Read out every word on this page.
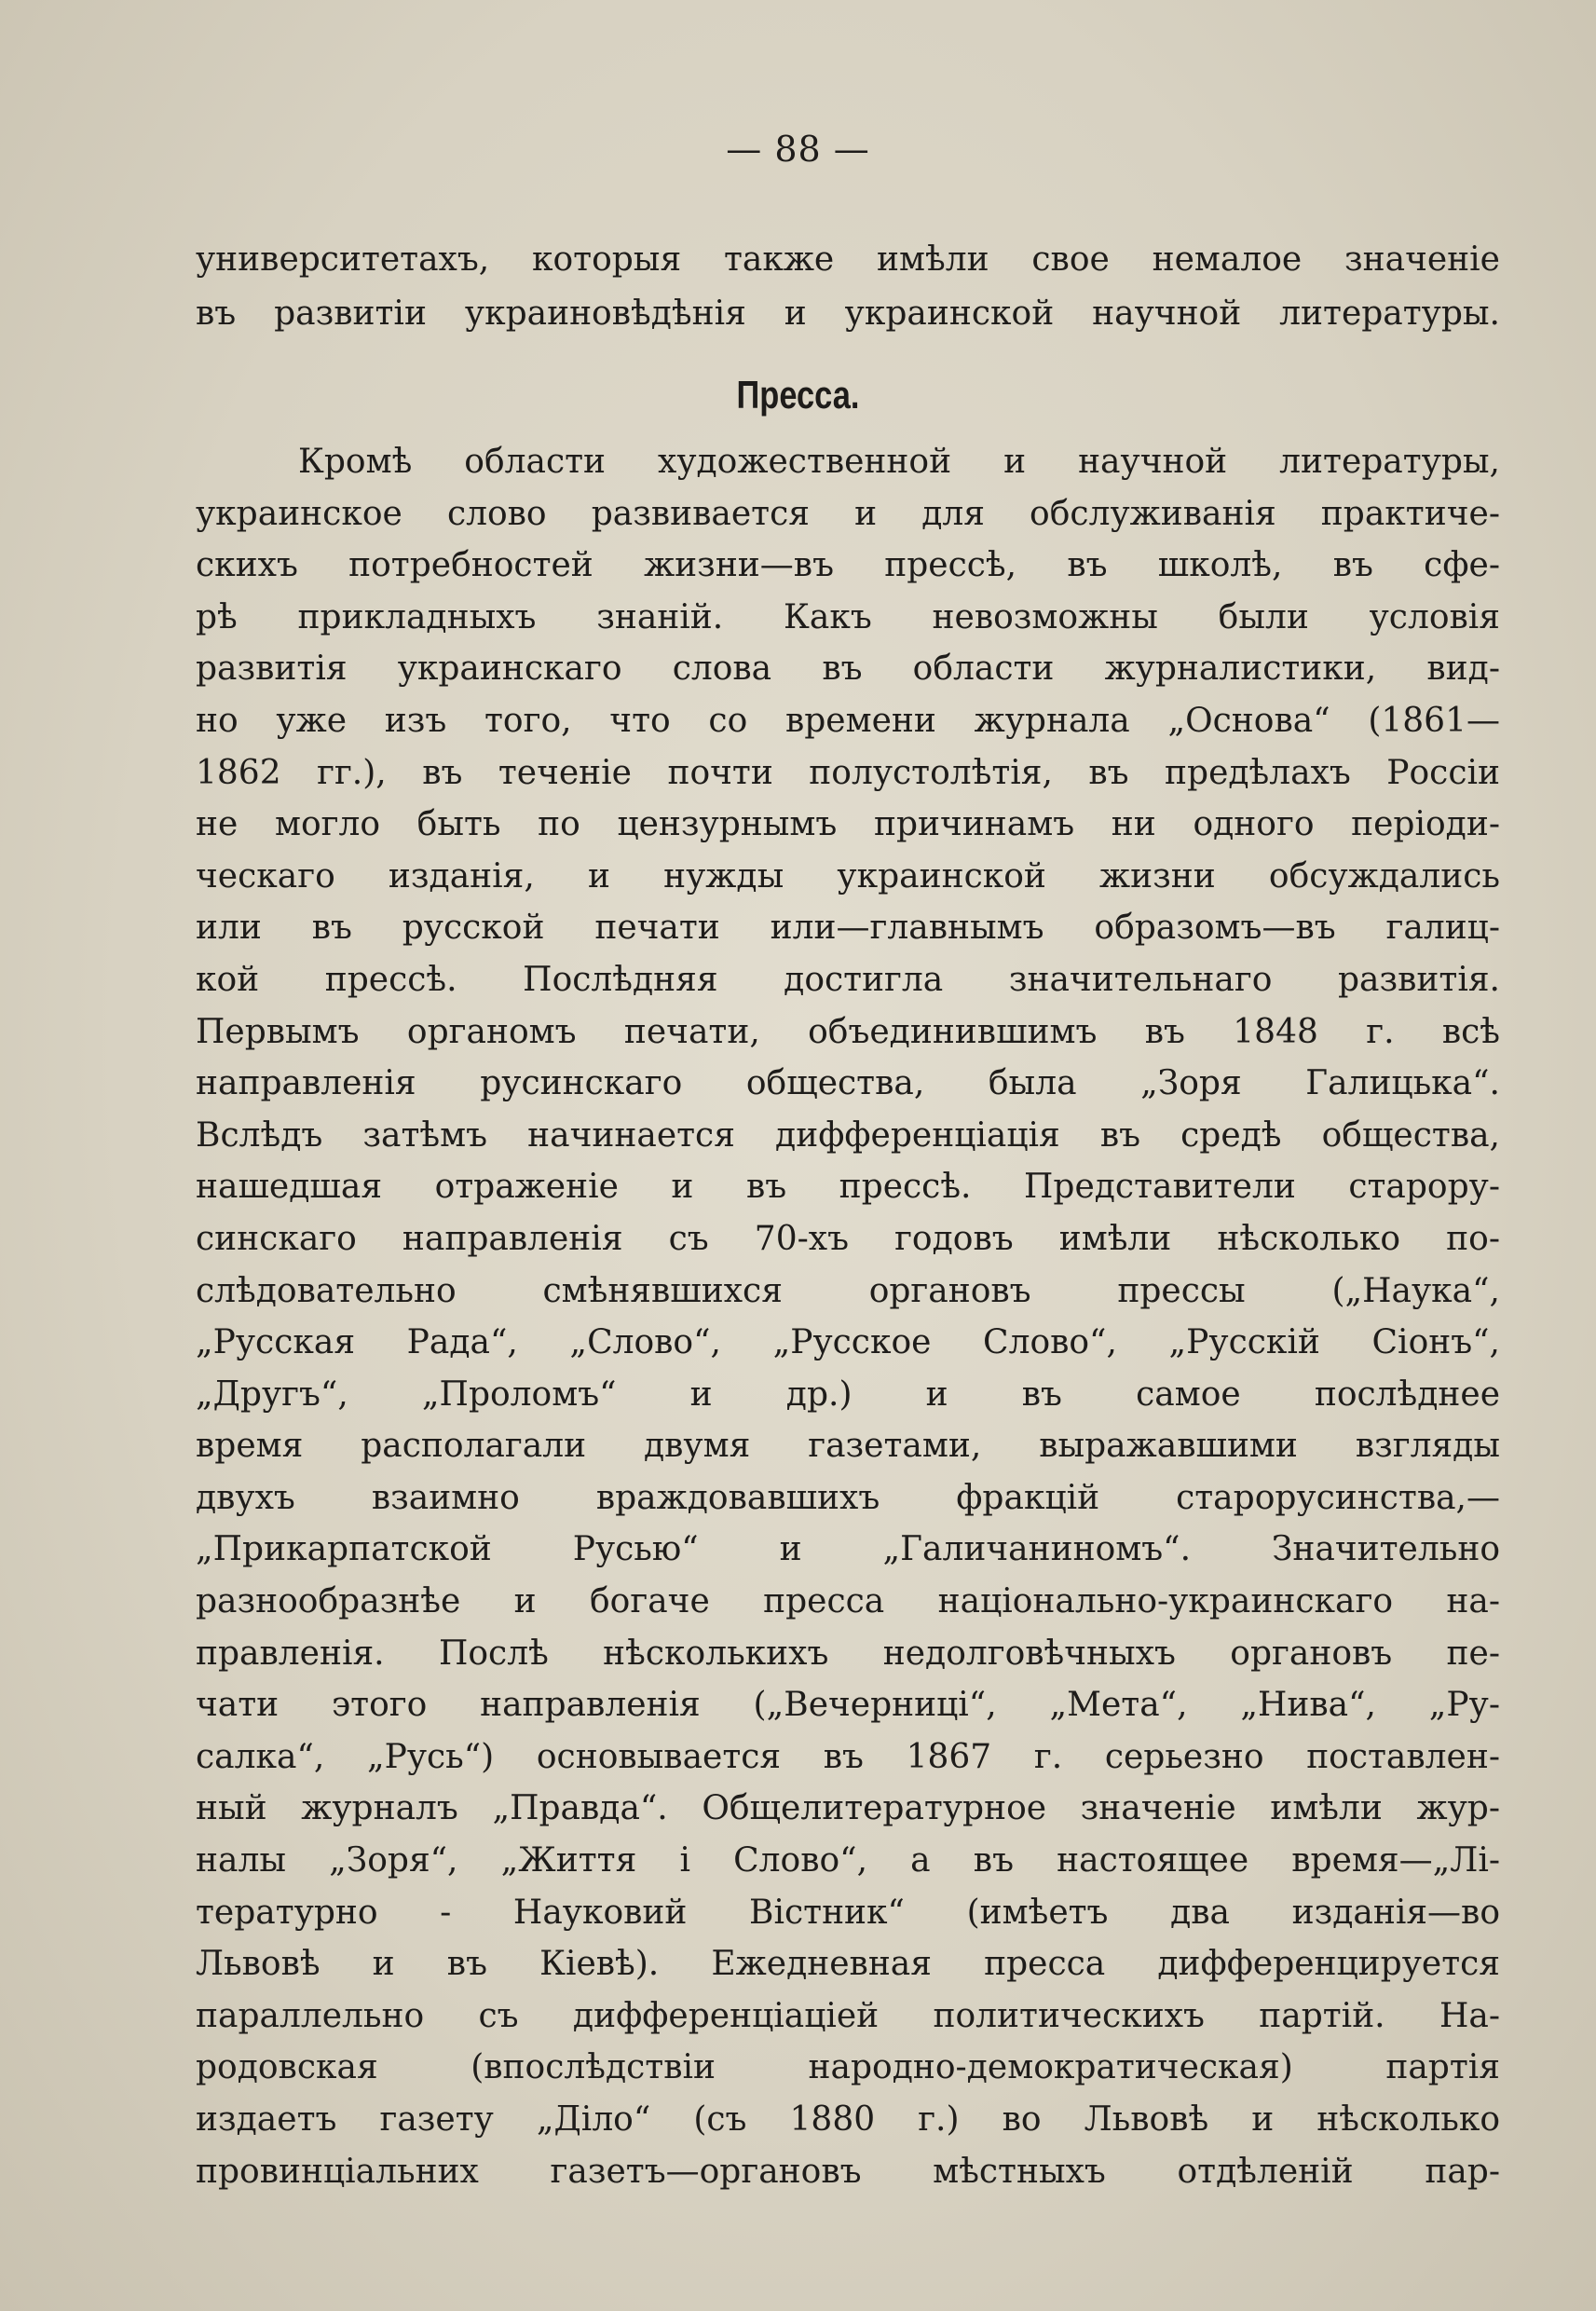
— 88 —
университетахъ, которыя также имѣли свое немалое значеніе
въ развитіи украиновѣдѣнія и украинской научной литературы.
Пресса.
Кромѣ области художественной и научной литературы,
украинское слово развивается и для обслуживанія практиче-
скихъ потребностей жизни—въ прессѣ, въ школѣ, въ сфе-
рѣ прикладныхъ знаній. Какъ невозможны были условія
развитія украинскаго слова въ области журналистики, вид-
но уже изъ того, что со времени журнала „Основа“ (1861—
1862 гг.), въ теченіе почти полустолѣтія, въ предѣлахъ Россіи
не могло быть по цензурнымъ причинамъ ни одного періоди-
ческаго изданія, и нужды украинской жизни обсуждались
или въ русской печати или—главнымъ образомъ—въ галиц-
кой прессѣ. Послѣдняя достигла значительнаго развитія.
Первымъ органомъ печати, объединившимъ въ 1848 г. всѣ
направленія русинскаго общества, была „Зоря Галицька“.
Вслѣдъ затѣмъ начинается дифференціація въ средѣ общества,
нашедшая отраженіе и въ прессѣ. Представители старору-
синскаго направленія съ 70-хъ годовъ имѣли нѣсколько по-
слѣдовательно смѣнявшихся органовъ прессы („Наука“,
„Русская Рада“, „Слово“, „Русское Слово“, „Русскій Сіонъ“,
„Другъ“, „Проломъ“ и др.) и въ самое послѣднее
время располагали двумя газетами, выражавшими взгляды
двухъ взаимно враждовавшихъ фракцій старорусинства,—
„Прикарпатской Русью“ и „Галичаниномъ“. Значительно
разнообразнѣе и богаче пресса національно-украинскаго на-
правленія. Послѣ нѣсколькихъ недолговѣчныхъ органовъ пе-
чати этого направленія („Вечерниці“, „Мета“, „Нива“, „Ру-
салка“, „Русь“) основывается въ 1867 г. серьезно поставлен-
ный журналъ „Правда“. Общелитературное значеніе имѣли жур-
налы „Зоря“, „Життя і Слово“, а въ настоящее время—„Лі-
тературно - Науковий Вістник“ (имѣетъ два изданія—во
Львовѣ и въ Кіевѣ). Ежедневная пресса дифференцируется
параллельно съ дифференціаціей политическихъ партій. На-
родовская (впослѣдствіи народно-демократическая) партія
издаетъ газету „Діло“ (съ 1880 г.) во Львовѣ и нѣсколько
провинціальних газетъ—органовъ мѣстныхъ отдѣленій пар-
